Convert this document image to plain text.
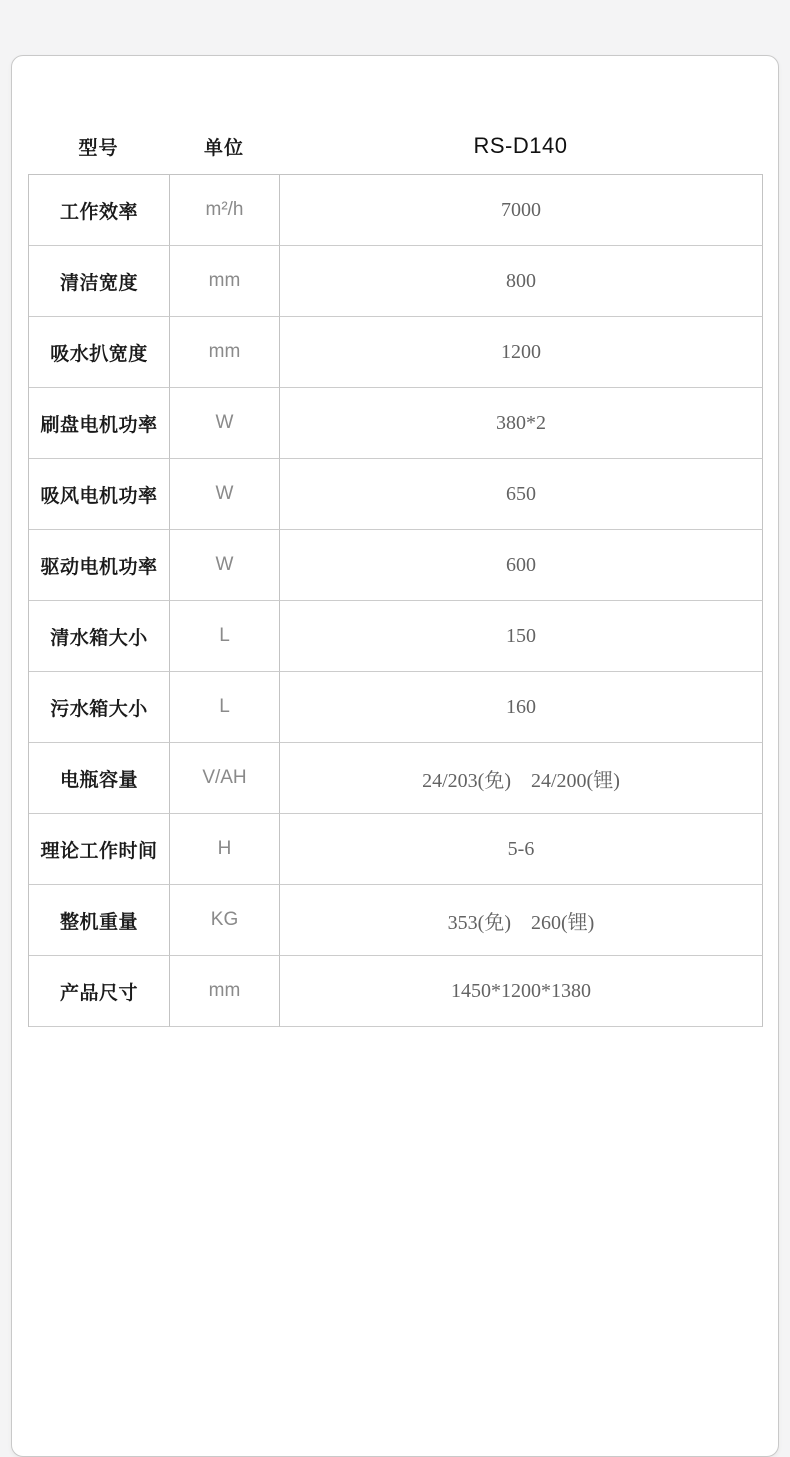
型号	单位	RS-D140
工作效率	m²/h	7000
清洁宽度	mm	800
吸水扒宽度	mm	1200
刷盘电机功率	W	380*2
吸风电机功率	W	650
驱动电机功率	W	600
清水箱大小	L	150
污水箱大小	L	160
电瓶容量	V/AH	24/203(免)    24/200(锂)
理论工作时间	H	5-6
整机重量	KG	353(免)    260(锂)
产品尺寸	mm	1450*1200*1380
